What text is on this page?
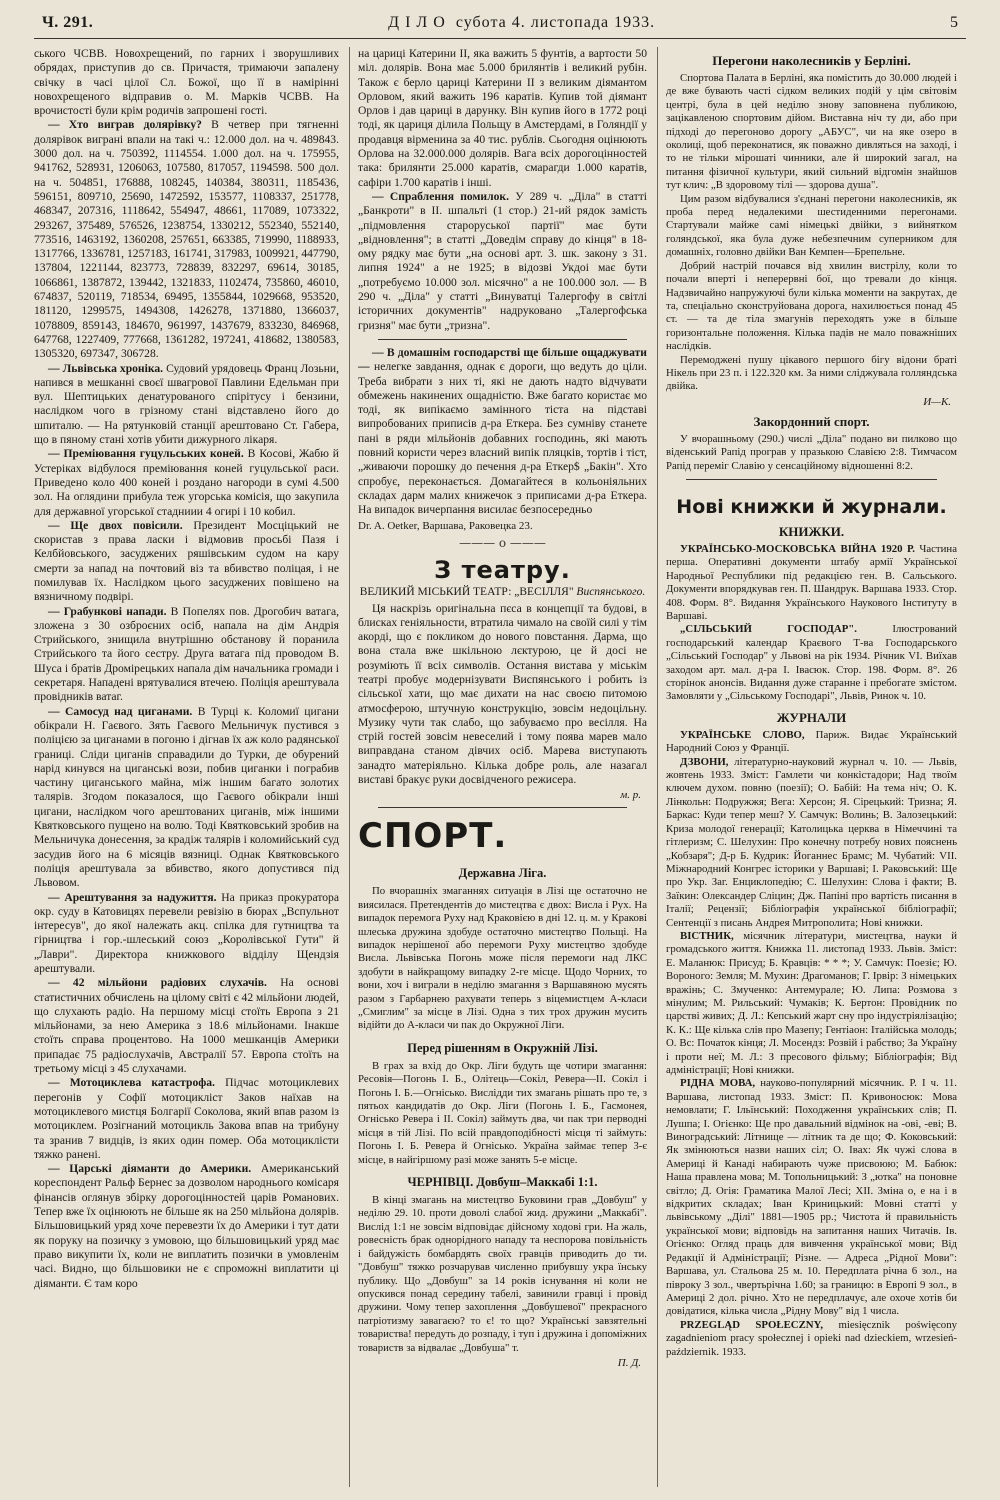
Ч. 291.	ДІЛО субота 4. листопада 1933.	5

ського ЧСВВ. Новохрещений, по гарних і зворушливих обрядах, приступив до св. Причастя, тримаючи запалену свічку в часі цілої Сл. Божої, що її в намірінні новохрещеного відправив о. М. Марків ЧСВВ. На врочистості були крім родичів запрошені гості.

— Хто виграв долярівку? В четвер при тягненні долярівок виграні впали на такі ч.: 12.000 дол. на ч. 489843. 3000 дол. на ч. 750392, 1114554. 1.000 дол. на ч. 175955, 941762, 528931, 1206063, 107580, 817057, 1194598. 500 дол. на ч. 504851, 176888, 108245, 140384, 380311, 1185436, 596151, 809710, 25690, 1472592, 153577, 1108337, 251778, 468347, 207316, 1118642, 554947, 48661, 117089, 1073322, 293267, 375489, 576526, 1238754, 1330212, 552340, 552140, 773516, 1463192, 1360208, 257651, 663385, 719990, 1188933, 1317766, 1336781, 1257183, 161741, 317983, 1009921, 447790, 137804, 1221144, 823773, 728839, 832297, 69614, 30185, 1066861, 1387872, 139442, 1321833, 1102474, 735860, 46010, 674837, 520119, 718534, 69495, 1355844, 1029668, 953520, 181120, 1299575, 1494308, 1426278, 1371880, 1366037, 1078809, 859143, 184670, 961997, 1437679, 833230, 846968, 647768, 1227409, 777668, 1361282, 197241, 418682, 1380583, 1305320, 697347, 306728.

— Львівська хроніка. Судовий урядовець Франц Лозьни, напився в мешканні своєї швагрової Павлини Едельман при вул. Шептицьких денатурованого спірітусу і бензини, наслідком чого в грізному стані відставлено його до шпиталю. — На рятунковій станції арештовано Ст. Габера, що в пяному стані хотів убити дижурного лікаря.

— Преміювання гуцульських коней. В Косові, Жабю й Устеріках відбулося преміювання коней гуцульської раси. Приведено коло 400 коней і роздано нагороди в сумі 4.500 зол. На оглядини прибула теж угорська комісія, що закупила для державної угорської стадниии 4 огирі і 10 кобил.

— Ще двох повісили. Президент Мосціцький не скористав з права ласки і відмовив просьбі Пазя і Келбйовського, засуджених ряшівським судом на кару смерти за напад на почтовий віз та вбивство поліцая, і не помилував їх. Наслідком цього засуджених повішено на вязничному подвірі.

— Грабункові напади. В Попелях пов. Дрогобич ватага, зложена з 30 озброєних осіб, напала на дім Андрія Стрийського, знищила внутрішню обстанову й поранила Стрийського та його сестру. Друга ватага під проводом В. Шуса і братів Дромірецьких напала дім начальника громади і секретаря. Нападені врятувалися втечею. Поліція арештувала провідників ватаг.

— Самосуд над циганами. В Турці к. Коломиї цигани обікрали Н. Гаєвого. Зять Гаєвого Мельничук пустився з поліцією за циганами в погоню і дігнав їх аж коло радянської границі. Сліди циганів справадили до Турки, де обурений нарід кинувся на циганські вози, побив циганки і пограбив частину циганського майна, між іншим багато золотих талярів. Згодом показалося, що Гаєвого обікрали інші цигани, наслідком чого арештованих циганів, між іншими Квятковського пущено на волю. Тоді Квятковський зробив на Мельничука донесення, за крадіж талярів і коломийський суд засудив його на 6 місяців вязниці. Однак Квятковського поліція арештувала за вбивство, якого допустився під Львовом.

— Арештування за надужиття. На приказ прокуратора окр. суду в Катовицях перевели ревізію в бюрах „Вспульнот інтересув", до якої належать акц. спілка для гутництва та гірництва і гор.-шлеський союз „Королівської Гути" й „Лаври". Директора книжкового відділу Щендзія арештували.

— 42 мільйони радіових слухачів. На основі статистичних обчислень на цілому світі є 42 мільйони людей, що слухають радіо. На першому місці стоїть Европа з 21 мільйонами, за нею Америка з 18.6 мільйонами. Інакше стоїть справа процентово. На 1000 мешканців Америки припадає 75 радіослухачів, Австралії 57. Европа стоїть на третьому місці з 45 слухачами.

— Мотоциклева катастрофа. Підчас мотоциклевих перегонів у Софії мотоцикліст Заков наїхав на мотоциклевого мистця Болгарії Соколова, який впав разом із мотоциклем. Розігнаний мотоцикль Закова впав на трибуну та зранив 7 видців, із яких один помер. Оба мотоциклісти тяжко ранені.

— Царські діяманти до Америки. Американський кореспондент Ральф Бернес за дозволом народнього комісаря фінансів оглянув збірку дорогоцінностей царів Романових. Тепер вже їх оцінюють не більше як на 250 мільйона долярів. Більшовицький уряд хоче перевезти їх до Америки і тут дати як поруку на позичку з умовою, що більшовицький уряд має право викупити їх, коли не виплатить позички в умовленім часі. Видно, що більшовики не є спроможні виплатити ці діяманти. Є там коро

на цариці Катерини II, яка важить 5 фунтів, а вартости 50 міл. долярів. Вона має 5.000 брилянтів і великий рубін. Також є берло цариці Катерини II з великим діямантом Орловом, який важить 196 каратів. Купив той діямант Орлов і дав цариці в дарунку. Він купив його в 1772 році тоді, як цариця ділила Польщу в Амстердамі, в Голяндії у продавця вірменина за 40 тис. рублів. Сьогодня оцінюють Орлова на 32.000.000 долярів. Вага всіх дорогоцінностей така: брилянти 25.000 каратів, смарагди 1.000 каратів, сафіри 1.700 каратів і інші.

— Спраблення помилок. У 289 ч. „Діла" в статті „Банкроти" в II. шпальті (1 стор.) 21-ий рядок замість „підмовлення староруської партії" має бути „відновлення"; в статті „Доведім справу до кінця" в 18-ому рядку має бути „на основі арт. 3. шк. закону з 31. липня 1924" а не 1925; в відозві Укдоі має бути „потребуємо 10.000 зол. місячно" а не 100.000 зол. — В 290 ч. „Діла" у статті „Винуватці Талергофу в світлі історичних документів" надруковано „Талергофська гризня" має бути „тризна".

— В домашнім господарстві ще більше ощаджувати — нелегке завдання, однак є дороги, що ведуть до ціли. Треба вибрати з них ті, які не дають надто відчувати обмежень накинених ощадністю. Вже багато користає мо тоді, як випікаємо замінного тіста на підставі випробованих приписів д-ра Еткера. Без сумніву станете пані в ряди мільйонів добавних господинь, які мають повний користи через власний випік пляцків, тортів і тіст, „живаючи порошку до печення д-ра Еткер$ „Бакін". Хто спробує, переконається. Домагайтеся в кольоніяльних складах дарм малих книжечок з приписами д-ра Еткера. На випадок вичерпання висилає безпосередньо

Dr. A. Oetker, Варшава, Раковецка 23.
——— o ———
З театру.
ВЕЛИКИЙ МІСЬКИЙ ТЕАТР: „ВЕСІЛЛЯ" Виспянського.

Ця наскрізь оригінальна пєса в концепції та будові, в блисках геніяльности, втратила чимало на своїй силі у тім акорді, що є покликом до нового повстання. Дарма, що вона стала вже шкільною лєктурою, це й досі не розуміють її всіх символів. Остання вистава у міськім театрі пробує модернізувати Виспянського і робить із сільської хати, що має дихати на нас своєю питомою атмосферою, штучную конструкцію, зовсім недоцільну. Музику чути так слабо, що забуваємо про весілля. На стрій гостей зовсім невеселий і тому поява марев мало виправдана станом дівчих осіб. Марева виступають занадто матеріяльно. Кілька добре роль, але назагал виставі бракує руки досвідченого режисера.

м. р.
СПОРТ.
Державна Ліга.

По вчорашніх змаганнях ситуація в Лізі ще остаточно не виясилася. Претендентів до мистецтва є двох: Висла і Рух. На випадок перемога Руху над Краковією в дні 12. ц. м. у Кракові шлеська дружина здобуде остаточно мистецтво Польщі. На випадок нерішеної або перемоги Руху мистецтво здобуде Висла. Львівська Погонь може після перемоги над ЛКС здобути в найкращому випадку 2-ге місце. Щодо Чорних, то вони, хоч і виграли в неділю змагання з Варшавяною мусять разом з Гарбарнею рахувати теперь з віцемистцем А-класи „Смиглим" за місце в Лізі. Одна з тих трох дружин мусить відійти до А-класи чи пак до Окружної Ліги.

Перед рішенням в Окружній Лізі.

В грах за вхід до Окр. Ліги будуть ще чотири змагання: Ресовія—Погонь І. Б., Олітець—Сокіл, Ревера—II. Сокіл і Погонь І. Б.—Огнісько. Вислідди тих змагань рішать про те, з пятьох кандидатів до Окр. Ліги (Погонь І. Б., Гасмонея, Огнісько Ревера і II. Сокіл) займуть два, чи пак три перводні місця в тій Лізі. По всій правдоподібності місця ті займуть: Погонь І. Б. Ревера й Огнісько. Україна займає тепер 3-є місце, в найгіршому разі може занять 5-е місце.

ЧЕРНІВЦІ. Довбуш–Маккабі 1:1.

В кінці змагань на мистецтво Буковини грав „Довбуш" у неділю 29. 10. проти доволі слабої жид. дружини „Маккабі". Вислід 1:1 не зовсім відповідає дійсному ходові гри. На жаль, ровесність брак однорідного нападу та неспорова повільність і байдужість бомбардять своїх гравців приводить до ти. "Довбуш" тяжко розчарував численно прибувшу укра їнську публику. Що „Довбуш" за 14 років існування ні коли не опускився понад середину табелі, завинили гравці і провід дружини. Чому тепер захоплення „Довбушевої" прекрасного патріотизму завагаєю? то є! то що? Українські завзятельні товариства! передуть до розпаду, і туп і дружина і допоміжних товариств за відвалає „Довбуша" т.

П. Д.
Перегони наколесників у Берліні.

Спортова Палата в Берліні, яка помістить до 30.000 людей і де вже бувають часті сідком великих подій у цім світовім центрі, була в цей неділю знову заповнена публикою, зацікавленою спортовим дійом. Виставна ніч ту ди, або при підході до перегоново дорогу „АБУС", чи на яке озеро в околиці, щоб переконатися, як поважно дивляться на заході, і то не тільки мірошаті чинники, але й широкий загал, на питання фізичної культури, який сильний відгомін знайшов тут клич: „В здоровому тілі — здорова душа".

Цим разом відбувалися з'єднані перегони наколесників, як проба перед недалекими шестиденними перегонами. Стартували майже самі німецькі двійки, з вийнятком голяндської, яка була дуже небезпечним суперником для домашніх, головно двійки Ван Кемпен—Брепельне.

Добрий настрій почався від хвилин вистрілу, коли то почали вперті і неперервні бої, що тревали до кінця. Надзвичайно напружуючі були кілька моменти на закрутах, де та, спеціально сконструйована дорога, нахилюється понад 45 ст. — та де тіла змагунів переходять уже в більше горизонтальне положення. Кілька падів не мало поважніших наслідків.

Перемоджені пушу цікавого першого бігу відони браті Нікель при 23 п. і 122.320 км. За ними сліджувала голляндська двійка.

И—К.
Закордонний спорт.

У вчорашньому (290.) числі „Діла" подано ви пилково що віденський Рапід програв у празькою Славією 2:8. Тимчасом Рапід переміг Славію у сенсаційному відношенні 8:2.

Нові книжки й журнали.
КНИЖКИ.

УКРАЇНСЬКО-МОСКОВСЬКА ВІЙНА 1920 Р. Частина перша. Оперативні документи штабу армії Української Народньої Республики під редакцією ген. В. Сальського. Документи впорядкував ген. П. Шандрук. Варшава 1933. Стор. 408. Форм. 8°. Видання Українського Наукового Інституту в Варшаві.

„СІЛЬСЬКИЙ ГОСПОДАР".	Ілюстрований господарський календар Краєвого Т-ва Господарського „Сільський Господар" у Львові на рік 1934. Річник VI. Виїхав заходом арт. мал. д-ра І. Івасюк. Стор. 198. Форм. 8°. 26 сторінок анонсів. Видання дуже старанне і пребогате змістом. Замовляти у „Сільському Господарі", Львів, Ринок ч. 10.

ЖУРНАЛИ

УКРАЇНСЬКЕ СЛОВО, Париж. Видає Український Народний Союз у Франції.

ДЗВОНИ, літературно-науковий журнал ч. 10. — Львів, жовтень 1933. Зміст: Гамлети чи конкістадори; Над твоїм ключем духом. повню (поезії); О. Бабій: На тема ніч; О. К. Лінкольн: Подружжя; Вега: Херсон; Я. Сірецький: Тризна; Я. Баркас: Куди тепер меш? У. Самчук: Волинь; В. Залозецький: Криза молодої генерації; Католицька церква в Німеччині та гітлеризм; С. Шелухин: Про конечну потребу нових пояснень „Кобзаря"; Д-р Б. Кудрик: Йоганнес Брамс; М. Чубатий: VII. Міжнародний Конгрес історики у Варшаві; І. Раковський: Ще про Укр. Заг. Енциклопедію; С. Шелухин: Слова і факти; В. Заїкин: Олександер Сліцин; Дж. Папіні про вартість писання в Італії; Рецензії; Бібліографія української бібліографії; Сентенції з писань Андрея Митрополита; Нові книжки.

ВІСТНИК, місячник літератури, мистецтва, науки й громадського життя. Книжка 11. листопад 1933. Львів. Зміст: Е. Маланюк: Присуд; Б. Кравців: * * *; У. Самчук: Поезіє; Ю. Вороного: Земля; М. Мухин: Драгоманов; Г. Ірвір: З німецьких вражінь; С. Змученко: Антемурале; Ю. Липа: Розмова з мінулим; М. Рильський: Чумаків; К. Бертон: Провідник по царстві живих; Д. Л.: Кепський жарт сну про індустріялізацію; К. К.: Ще кілька слів про Мазепу; Гентіаон: Італійська молодь; О. Вс: Початок кінця; Л. Мосендз: Розвій і рабство; За Україну і проти неї; М. Л.: З пресового фільму; Бібліографія; Від адміністрації; Нові книжки.

РІДНА МОВА, науково-популярний місячник. Р. І ч. 11. Варшава, листопад 1933. Зміст: П. Кривоносюк: Мова немовлати; Г. Ільїнський: Походження українських слів; П. Лушпа; І. Огієнко: Ще про давальний відмінок на -ові, -еві; В. Виноградський: Літнище — літник та де що; Ф. Коковський: Як змінюються назви наших сіл; О. Івах: Як чужі слова в Америці й Канаді набирають чуже присвоюю; М. Бабюк: Наша правлена мова; М. Топольницький: З „ютка" на поновне світло; Д. Огія: Граматика Малої Лесі; ХІІ. Зміна о, е на і в відкритих складах; Іван Криницький: Мовні статті у львівському „Ділі" 1881—1905 рр.; Чистота й правильність української мови; відповідь на запитання наших Читачів. Iв. Огієнко: Огляд праць для вивчення української мови; Від Редакції й Адміністрації; Різне. — Адреса „Рідної Мови": Варшава, ул. Стальова 25 м. 10. Передплата річна 6 зол., на півроку 3 зол., чвертьрічна 1.60; за границю: в Европі 9 зол., в Америці 2 дол. річно. Хто не передплачує, але охоче хотів би довідатися, кілька числа „Рідну Мову" від 1 числа.

PRZEGLĄD SPOŁECZNY, miesięcznik poświęcony zagadnieniom pracy społecznej i opieki nad dzieckiem, wrzesień-październik. 1933.
